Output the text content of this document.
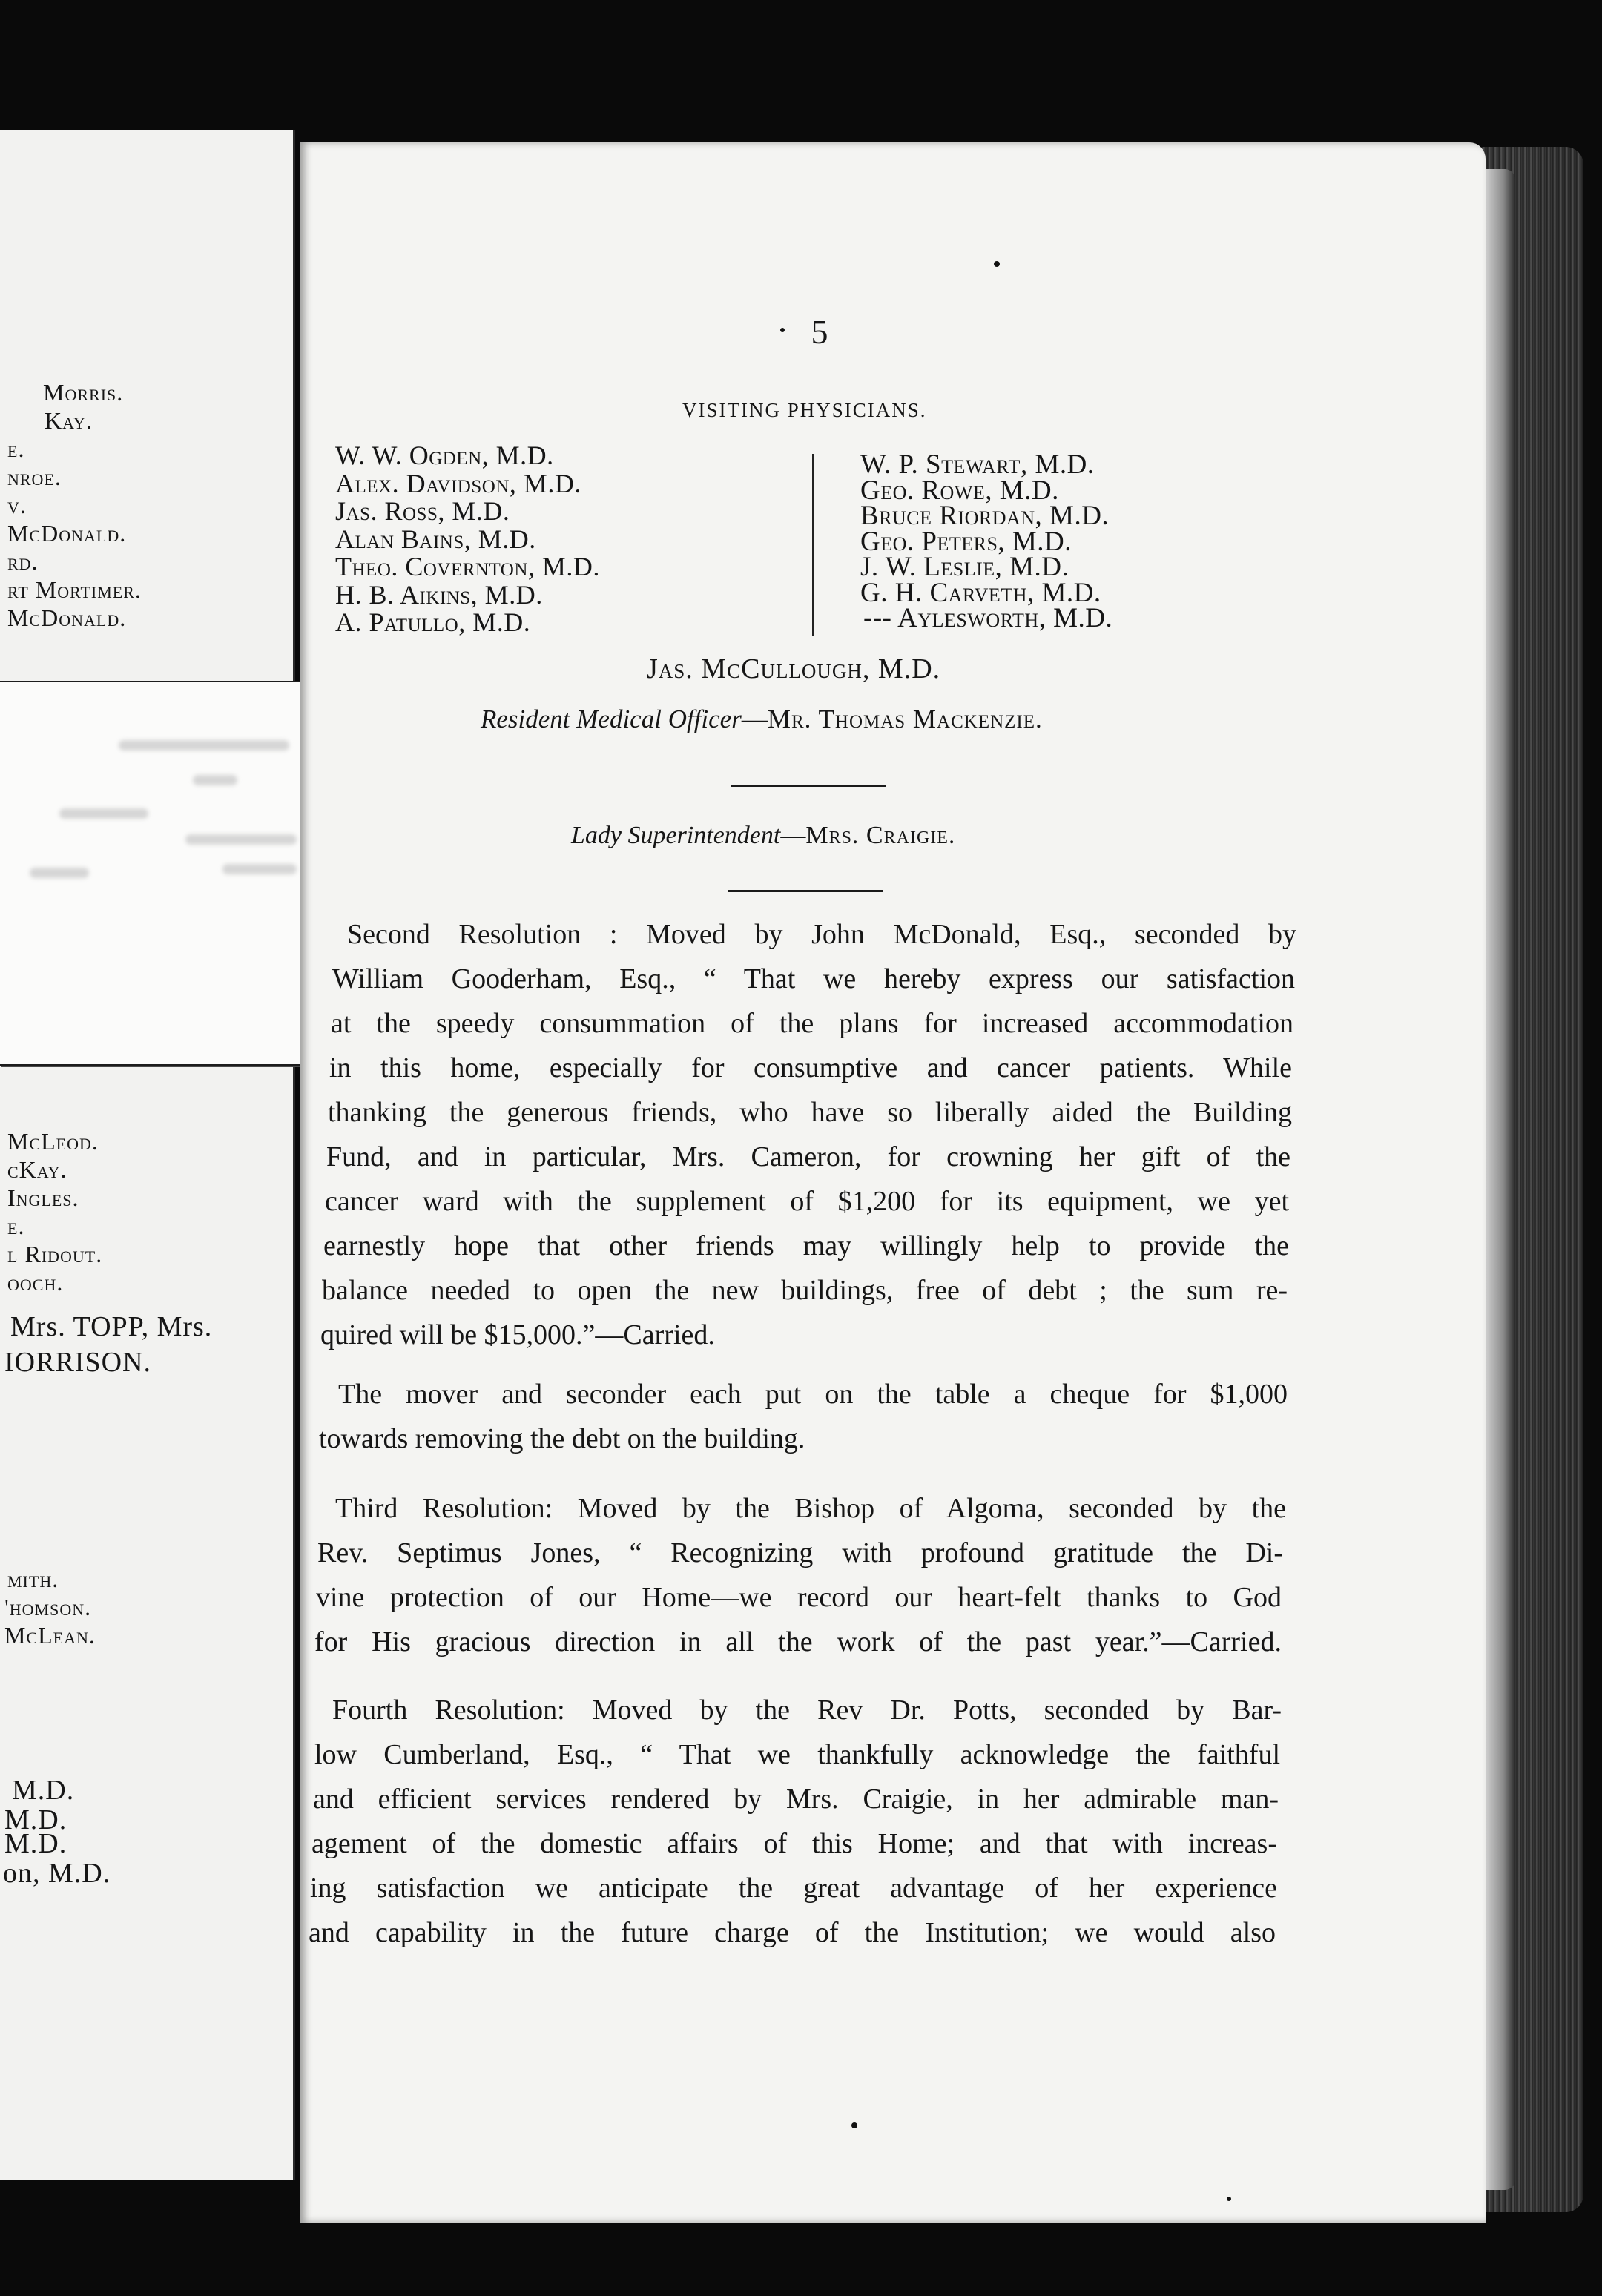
Morris.
Kay.
e.
nroe.
v.
McDonald.
rd.
rt Mortimer.
McDonald.
McLeod.
cKay.
Ingles.
e.
l Ridout.
ooch.
Mrs. TOPP, Mrs.
IORRISON.
mith.
'homson.
McLean.
M.D.
M.D.
M.D.
on, M.D.
5
VISITING PHYSICIANS.
W. W. Ogden, M.D.
Alex. Davidson, M.D.
Jas. Ross, M.D.
Alan Bains, M.D.
Theo. Covernton, M.D.
H. B. Aikins, M.D.
A. Patullo, M.D.
W. P. Stewart, M.D.
Geo. Rowe, M.D.
Bruce Riordan, M.D.
Geo. Peters, M.D.
J. W. Leslie, M.D.
G. H. Carveth, M.D.
--- Aylesworth, M.D.
Jas. McCullough, M.D.
Resident Medical Officer—Mr. Thomas Mackenzie.
Lady Superintendent—Mrs. Craigie.
Second Resolution : Moved by John McDonald, Esq., seconded by
William Gooderham, Esq., “ That we hereby express our satisfaction
at the speedy consummation of the plans for increased accommodation
in this home, especially for consumptive and cancer patients. While
thanking the generous friends, who have so liberally aided the Building
Fund, and in particular, Mrs. Cameron, for crowning her gift of the
cancer ward with the supplement of $1,200 for its equipment, we yet
earnestly hope that other friends may willingly help to provide the
balance needed to open the new buildings, free of debt ; the sum re-
quired will be $15,000.”—Carried.
The mover and seconder each put on the table a cheque for $1,000
towards removing the debt on the building.
Third Resolution: Moved by the Bishop of Algoma, seconded by the
Rev. Septimus Jones, “ Recognizing with profound gratitude the Di-
vine protection of our Home—we record our heart-felt thanks to God
for His gracious direction in all the work of the past year.”—Carried.
Fourth Resolution: Moved by the Rev Dr. Potts, seconded by Bar-
low Cumberland, Esq., “ That we thankfully acknowledge the faithful
and efficient services rendered by Mrs. Craigie, in her admirable man-
agement of the domestic affairs of this Home; and that with increas-
ing satisfaction we anticipate the great advantage of her experience
and capability in the future charge of the Institution; we would also
